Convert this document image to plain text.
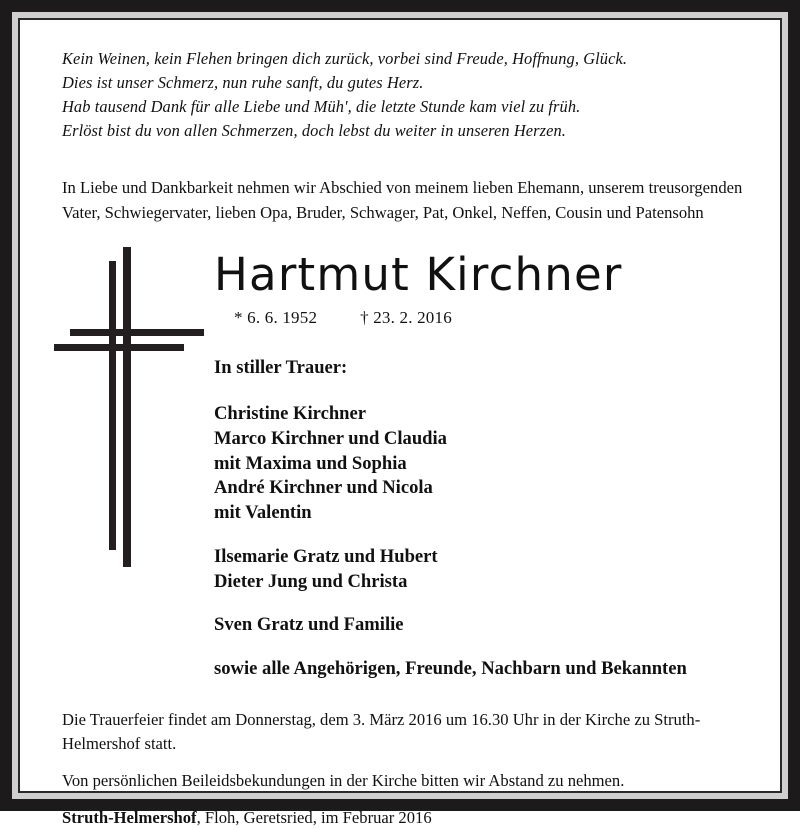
Kein Weinen, kein Flehen bringen dich zurück, vorbei sind Freude, Hoffnung, Glück.
Dies ist unser Schmerz, nun ruhe sanft, du gutes Herz.
Hab tausend Dank für alle Liebe und Müh', die letzte Stunde kam viel zu früh.
Erlöst bist du von allen Schmerzen, doch lebst du weiter in unseren Herzen.
In Liebe und Dankbarkeit nehmen wir Abschied von meinem lieben Ehemann, unserem treusorgenden Vater, Schwiegervater, lieben Opa, Bruder, Schwager, Pat, Onkel, Neffen, Cousin und Patensohn
Hartmut Kirchner
* 6. 6. 1952	† 23. 2. 2016
In stiller Trauer:
Christine Kirchner
Marco Kirchner und Claudia
mit Maxima und Sophia
André Kirchner und Nicola
mit Valentin
Ilsemarie Gratz und Hubert
Dieter Jung und Christa
Sven Gratz und Familie
sowie alle Angehörigen, Freunde, Nachbarn und Bekannten

Die Trauerfeier findet am Donnerstag, dem 3. März 2016 um 16.30 Uhr in der Kirche zu Struth-Helmershof statt.

Von persönlichen Beileidsbekundungen in der Kirche bitten wir Abstand zu nehmen.

Struth-Helmershof, Floh, Geretsried, im Februar 2016
